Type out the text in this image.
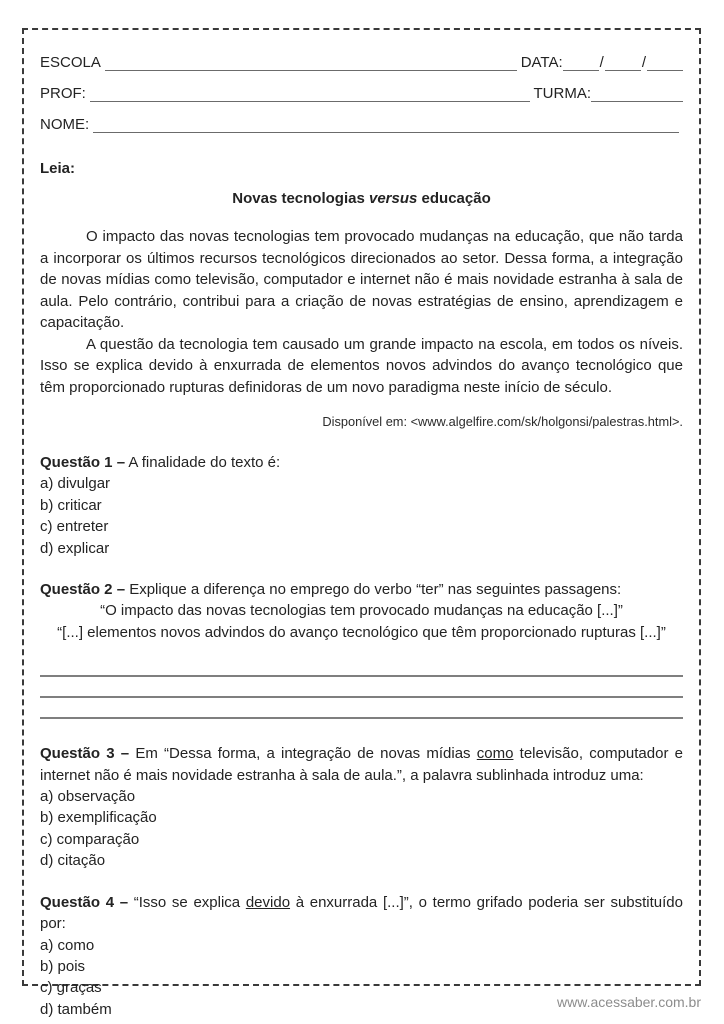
ESCOLA	DATA: /	/
PROF:	TURMA:
NOME:
Leia:
Novas tecnologias versus educação
O impacto das novas tecnologias tem provocado mudanças na educação, que não tarda a incorporar os últimos recursos tecnológicos direcionados ao setor. Dessa forma, a integração de novas mídias como televisão, computador e internet não é mais novidade estranha à sala de aula. Pelo contrário, contribui para a criação de novas estratégias de ensino, aprendizagem e capacitação.
A questão da tecnologia tem causado um grande impacto na escola, em todos os níveis. Isso se explica devido à enxurrada de elementos novos advindos do avanço tecnológico que têm proporcionado rupturas definidoras de um novo paradigma neste início de século.
Disponível em: <www.algelfire.com/sk/holgonsi/palestras.html>.
Questão 1 – A finalidade do texto é:
a) divulgar
b) criticar
c) entreter
d) explicar
Questão 2 – Explique a diferença no emprego do verbo “ter” nas seguintes passagens:
“O impacto das novas tecnologias tem provocado mudanças na educação [...]”
“[...] elementos novos advindos do avanço tecnológico que têm proporcionado rupturas [...]”
Questão 3 – Em “Dessa forma, a integração de novas mídias como televisão, computador e internet não é mais novidade estranha à sala de aula.”, a palavra sublinhada introduz uma:
a) observação
b) exemplificação
c) comparação
d) citação
Questão 4 – “Isso se explica devido à enxurrada [...]”, o termo grifado poderia ser substituído por:
a) como
b) pois
c) graças
d) também	www.acessaber.com.br
